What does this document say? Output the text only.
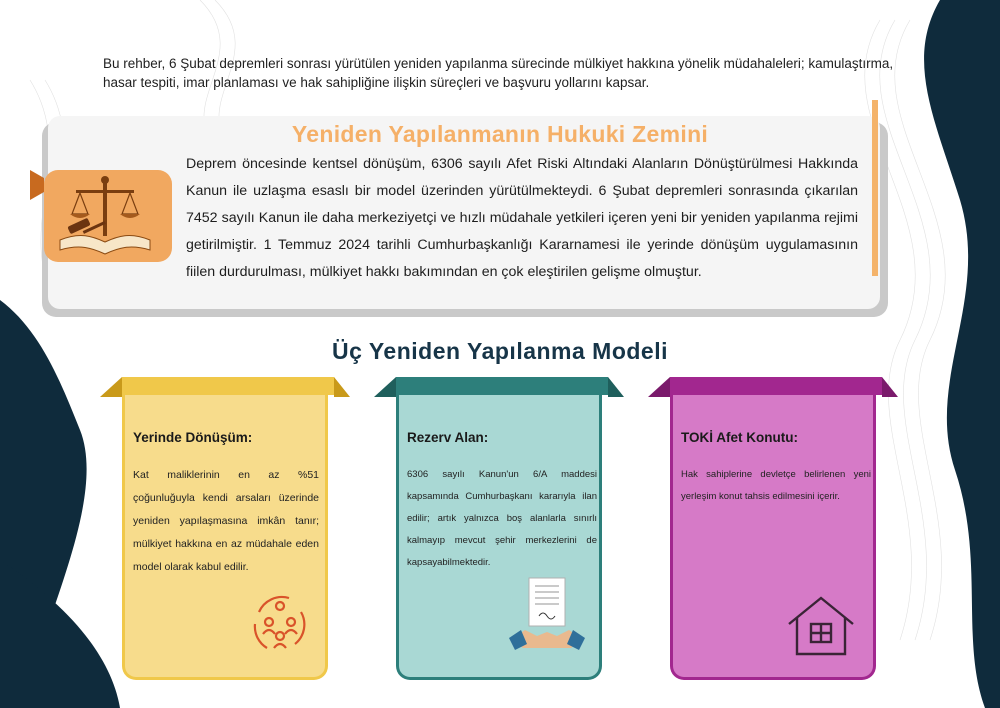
Bu rehber, 6 Şubat depremleri sonrası yürütülen yeniden yapılanma sürecinde mülkiyet hakkına yönelik müdahaleleri; kamulaştırma, hasar tespiti, imar planlaması ve hak sahipliğine ilişkin süreçleri ve başvuru yollarını kapsar.
Yeniden Yapılanmanın Hukuki Zemini
Deprem öncesinde kentsel dönüşüm, 6306 sayılı Afet Riski Altındaki Alanların Dönüştürülmesi Hakkında Kanun ile uzlaşma esaslı bir model üzerinden yürütülmekteydi. 6 Şubat depremleri sonrasında çıkarılan 7452 sayılı Kanun ile daha merkeziyetçi ve hızlı müdahale yetkileri içeren yeni bir yeniden yapılanma rejimi getirilmiştir. 1 Temmuz 2024 tarihli Cumhurbaşkanlığı Kararnamesi ile yerinde dönüşüm uygulamasının fiilen durdurulması, mülkiyet hakkı bakımından en çok eleştirilen gelişme olmuştur.
Üç Yeniden Yapılanma Modeli
Yerinde Dönüşüm:
Kat maliklerinin en az %51 çoğunluğuyla kendi arsaları üzerinde yeniden yapılaşmasına imkân tanır; mülkiyet hakkına en az müdahale eden model olarak kabul edilir.
Rezerv Alan:
6306 sayılı Kanun'un 6/A maddesi kapsamında Cumhurbaşkanı kararıyla ilan edilir; artık yalnızca boş alanlarla sınırlı kalmayıp mevcut şehir merkezlerini de kapsayabilmektedir.
TOKİ Afet Konutu:
Hak sahiplerine devletçe belirlenen yeni yerleşim konut tahsis edilmesini içerir.
